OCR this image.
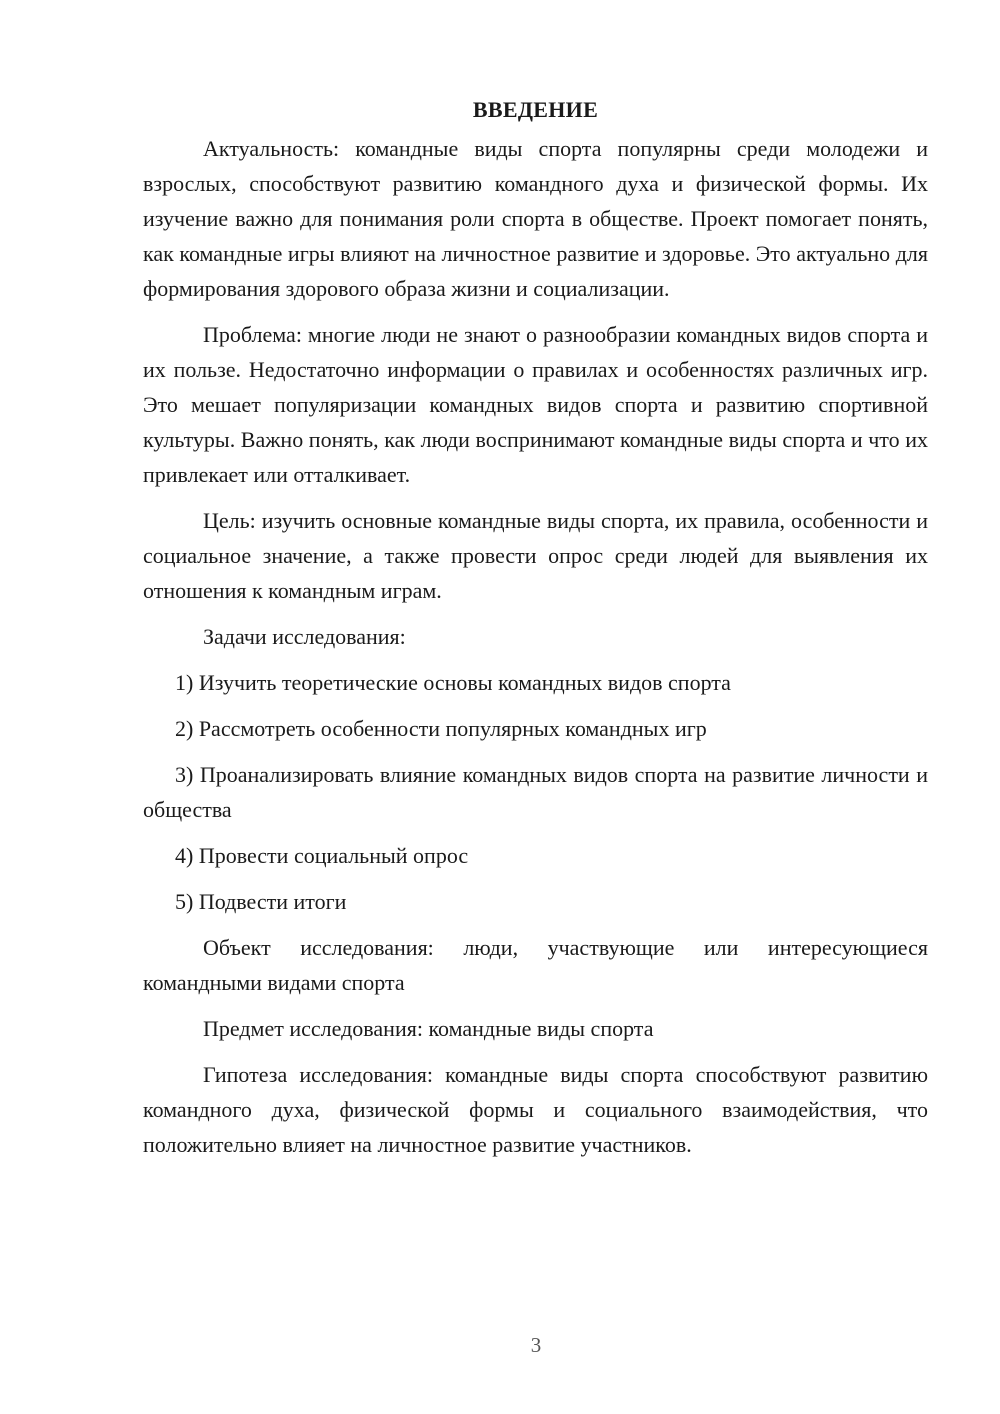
ВВЕДЕНИЕ

Актуальность: командные виды спорта популярны среди молодежи и взрослых, способствуют развитию командного духа и физической формы. Их изучение важно для понимания роли спорта в обществе. Проект помогает понять, как командные игры влияют на личностное развитие и здоровье. Это актуально для формирования здорового образа жизни и социализации.

Проблема: многие люди не знают о разнообразии командных видов спорта и их пользе. Недостаточно информации о правилах и особенностях различных игр. Это мешает популяризации командных видов спорта и развитию спортивной культуры. Важно понять, как люди воспринимают командные виды спорта и что их привлекает или отталкивает.

Цель: изучить основные командные виды спорта, их правила, особенности и социальное значение, а также провести опрос среди людей для выявления их отношения к командным играм.

Задачи исследования:

1) Изучить теоретические основы командных видов спорта

2) Рассмотреть особенности популярных командных игр

3) Проанализировать влияние командных видов спорта на развитие личности и общества

4) Провести социальный опрос

5) Подвести итоги

Объект исследования: люди, участвующие или интересующиеся командными видами спорта

Предмет исследования: командные виды спорта

Гипотеза исследования: командные виды спорта способствуют развитию командного духа, физической формы и социального взаимодействия, что положительно влияет на личностное развитие участников.

3
